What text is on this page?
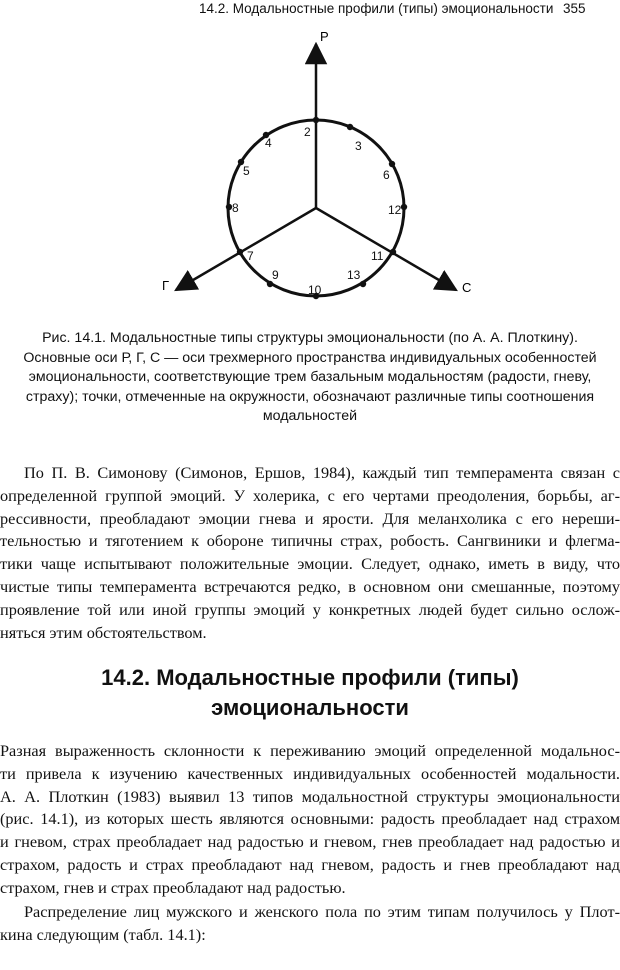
14.2. Модальностные профили (типы) эмоциональности 355
Р
Г	С
2
3
4
5	6
7
8
9
10
11
12
13
Рис. 14.1. Модальностные типы структуры эмоциональности (по А. А. Плоткину).
Основные оси Р, Г, С — оси трехмерного пространства индивидуальных особенностей
эмоциональности, соответствующие трем базальным модальностям (радости, гневу,
страху); точки, отмеченные на окружности, обозначают различные типы соотношения
модальностей
По П. В. Симонову (Симонов, Ершов, 1984), каждый тип темперамента связан с
определенной группой эмоций. У холерика, с его чертами преодоления, борьбы, аг-
рессивности, преобладают эмоции гнева и ярости. Для меланхолика с его нереши-
тельностью и тяготением к обороне типичны страх, робость. Сангвиники и флегма-
тики чаще испытывают положительные эмоции. Следует, однако, иметь в виду, что
чистые типы темперамента встречаются редко, в основном они смешанные, поэтому
проявление той или иной группы эмоций у конкретных людей будет сильно ослож-
няться этим обстоятельством.
14.2. Модальностные профили (типы)
эмоциональности
Разная выраженность склонности к переживанию эмоций определенной модальнос-
ти привела к изучению качественных индивидуальных особенностей модальности.
А. А. Плоткин (1983) выявил 13 типов модальностной структуры эмоциональности
(рис. 14.1), из которых шесть являются основными: радость преобладает над страхом
и гневом, страх преобладает над радостью и гневом, гнев преобладает над радостью и
страхом, радость и страх преобладают над гневом, радость и гнев преобладают над
страхом, гнев и страх преобладают над радостью.
Распределение лиц мужского и женского пола по этим типам получилось у Плот-
кина следующим (табл. 14.1):
